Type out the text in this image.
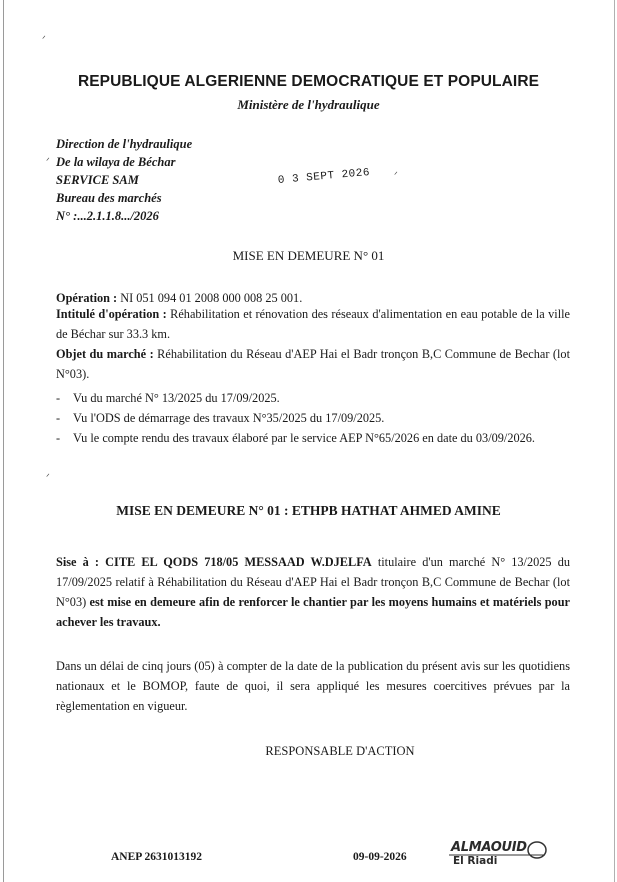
REPUBLIQUE ALGERIENNE DEMOCRATIQUE ET POPULAIRE
Ministère de l'hydraulique
Direction de l'hydraulique
De la wilaya de Béchar
SERVICE SAM
Bureau des marchés
N° :...2.1.1.8.../2026
0 3 SEPT 2026
MISE EN DEMEURE N° 01
Opération : NI 051 094 01 2008 000 008 25 001.
Intitulé d'opération : Réhabilitation et rénovation des réseaux d'alimentation en eau potable de la ville de Béchar sur 33.3 km.
Objet du marché : Réhabilitation du Réseau d'AEP Hai el Badr tronçon B,C Commune de Bechar (lot N°03).
- Vu du marché N° 13/2025 du 17/09/2025.
- Vu l'ODS de démarrage des travaux N°35/2025 du 17/09/2025.
- Vu le compte rendu des travaux élaboré par le service AEP N°65/2026 en date du 03/09/2026.
MISE EN DEMEURE N° 01 : ETHPB HATHAT AHMED AMINE
Sise à : CITE EL QODS 718/05 MESSAAD W.DJELFA titulaire d'un marché N° 13/2025 du 17/09/2025 relatif à Réhabilitation du Réseau d'AEP Hai el Badr tronçon B,C Commune de Bechar (lot N°03) est mise en demeure afin de renforcer le chantier par les moyens humains et matériels pour achever les travaux.
Dans un délai de cinq jours (05) à compter de la date de la publication du présent avis sur les quotidiens nationaux et le BOMOP, faute de quoi, il sera appliqué les mesures coercitives prévues par la règlementation en vigueur.
RESPONSABLE D'ACTION
ANEP 2631013192	09-09-2026
ALMAOUID
El Riadi
ᐟ
ᐟ
ᐟ
ᐟ
